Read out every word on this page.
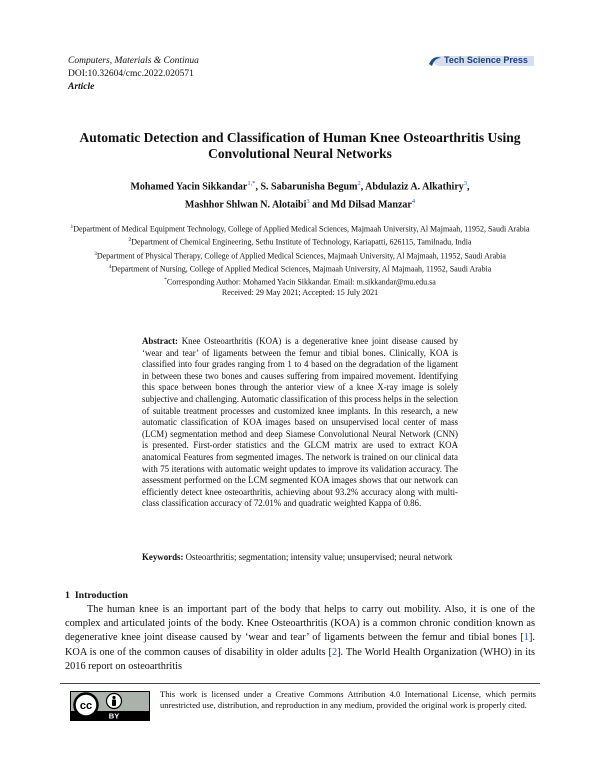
Computers, Materials & Continua
DOI:10.32604/cmc.2022.020571
Article
Tech Science Press
Automatic Detection and Classification of Human Knee Osteoarthritis Using
Convolutional Neural Networks
Mohamed Yacin Sikkandar$^{1,*}$, S. Sabarunisha Begum$^2$, Abdulaziz A. Alkathiry$^3$,
Mashhor Shlwan N. Alotaibi$^3$ and Md Dilsad Manzar$^4$
$^1$Department of Medical Equipment Technology, College of Applied Medical Sciences, Majmaah University, Al Majmaah, 11952, Saudi Arabia
$^2$Department of Chemical Engineering, Sethu Institute of Technology, Kariapatti, 626115, Tamilnadu, India
$^3$Department of Physical Therapy, College of Applied Medical Sciences, Majmaah University, Al Majmaah, 11952, Saudi Arabia
$^4$Department of Nursing, College of Applied Medical Sciences, Majmaah University, Al Majmaah, 11952, Saudi Arabia
*Corresponding Author: Mohamed Yacin Sikkandar. Email: m.sikkandar@mu.edu.sa
Received: 29 May 2021; Accepted: 15 July 2021
Abstract: Knee Osteoarthritis (KOA) is a degenerative knee joint disease caused by ‘wear and tear’ of ligaments between the femur and tibial bones. Clinically, KOA is classified into four grades ranging from 1 to 4 based on the degradation of the ligament in between these two bones and causes suffering from impaired movement. Identifying this space between bones through the anterior view of a knee X-ray image is solely subjective and challenging. Automatic classification of this process helps in the selection of suitable treatment processes and customized knee implants. In this research, a new automatic classification of KOA images based on unsupervised local center of mass (LCM) segmentation method and deep Siamese Convolutional Neural Network (CNN) is presented. First-order statistics and the GLCM matrix are used to extract KOA anatomical Features from segmented images. The network is trained on our clinical data with 75 iterations with automatic weight updates to improve its validation accuracy. The assessment performed on the LCM segmented KOA images shows that our network can efficiently detect knee osteoarthritis, achieving about 93.2% accuracy along with multi-class classification accuracy of 72.01% and quadratic weighted Kappa of 0.86.
Keywords: Osteoarthritis; segmentation; intensity value; unsupervised; neural network
1 Introduction
The human knee is an important part of the body that helps to carry out mobility. Also, it is one of the complex and articulated joints of the body. Knee Osteoarthritis (KOA) is a common chronic condition known as degenerative knee joint disease caused by ‘wear and tear’ of ligaments between the femur and tibial bones [1]. KOA is one of the common causes of disability in older adults [2]. The World Health Organization (WHO) in its 2016 report on osteoarthritis
cc
BY
This work is licensed under a Creative Commons Attribution 4.0 International License, which permits unrestricted use, distribution, and reproduction in any medium, provided the original work is properly cited.
